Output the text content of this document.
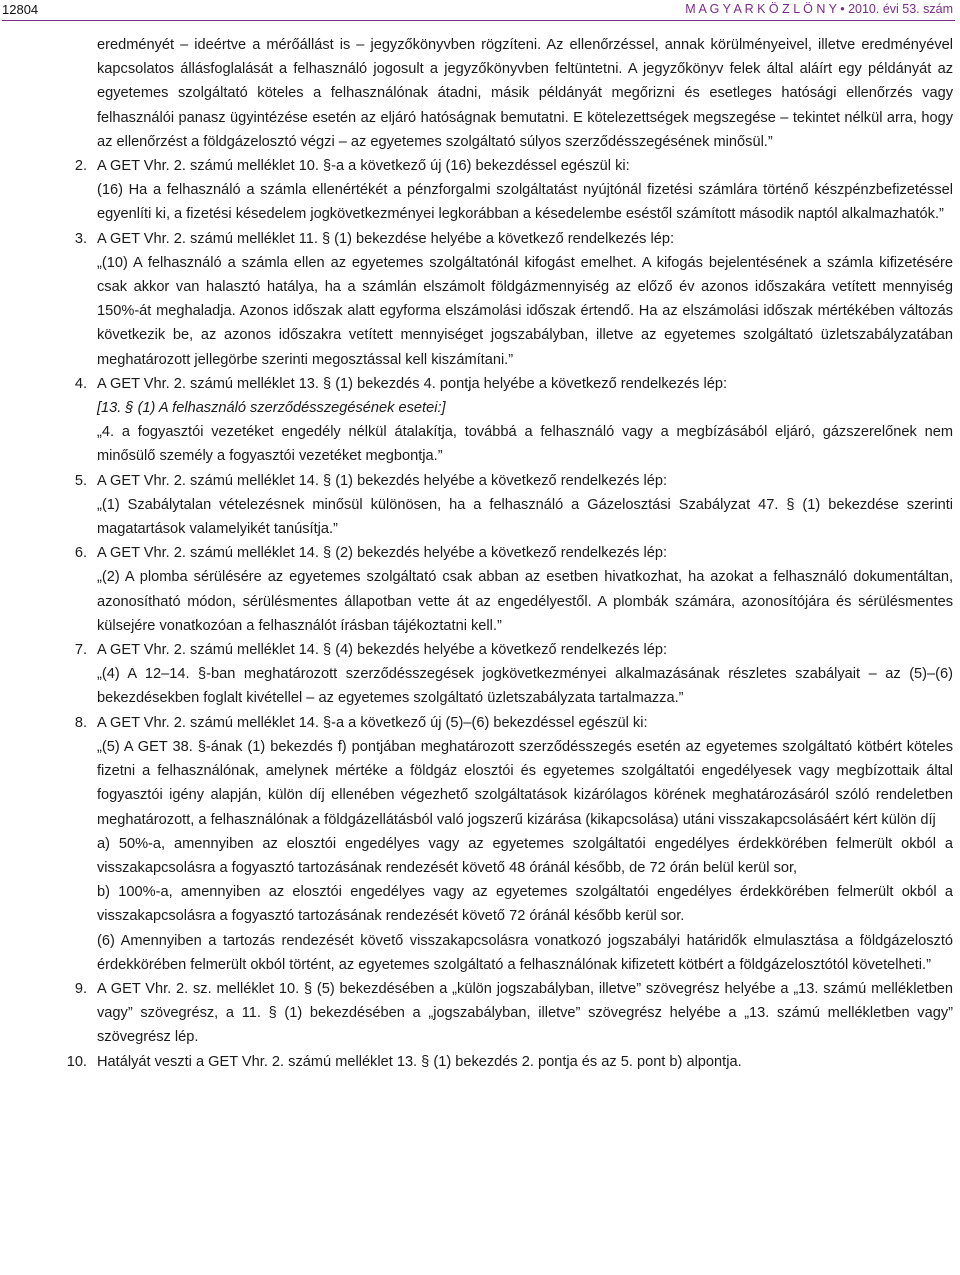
12804	M A G Y A R K Ö Z L Ö N Y • 2010. évi 53. szám
eredményét – ideértve a mérőállást is – jegyzőkönyvben rögzíteni. Az ellenőrzéssel, annak körülményeivel, illetve eredményével kapcsolatos állásfoglalását a felhasználó jogosult a jegyzőkönyvben feltüntetni. A jegyzőkönyv felek által aláírt egy példányát az egyetemes szolgáltató köteles a felhasználónak átadni, másik példányát megőrizni és esetleges hatósági ellenőrzés vagy felhasználói panasz ügyintézése esetén az eljáró hatóságnak bemutatni. E kötelezettségek megszegése – tekintet nélkül arra, hogy az ellenőrzést a földgázelosztó végzi – az egyetemes szolgáltató súlyos szerződésszegésének minősül.”
2. A GET Vhr. 2. számú melléklet 10. §-a a következő új (16) bekezdéssel egészül ki:
(16) Ha a felhasználó a számla ellenértékét a pénzforgalmi szolgáltatást nyújtónál fizetési számlára történő készpénzbefizetéssel egyenlíti ki, a fizetési késedelem jogkövetkezményei legkorábban a késedelembe eséstől számított második naptól alkalmazhatók.”
3. A GET Vhr. 2. számú melléklet 11. § (1) bekezdése helyébe a következő rendelkezés lép:
„(10) A felhasználó a számla ellen az egyetemes szolgáltatónál kifogást emelhet. A kifogás bejelentésének a számla kifizetésére csak akkor van halasztó hatálya, ha a számlán elszámolt földgázmennyiség az előző év azonos időszakára vetített mennyiség 150%-át meghaladja. Azonos időszak alatt egyforma elszámolási időszak értendő. Ha az elszámolási időszak mértékében változás következik be, az azonos időszakra vetített mennyiséget jogszabályban, illetve az egyetemes szolgáltató üzletszabályzatában meghatározott jellegörbe szerinti megosztással kell kiszámítani.”
4. A GET Vhr. 2. számú melléklet 13. § (1) bekezdés 4. pontja helyébe a következő rendelkezés lép:
[13. § (1) A felhasználó szerződésszegésének esetei:]
„4. a fogyasztói vezetéket engedély nélkül átalakítja, továbbá a felhasználó vagy a megbízásából eljáró, gázszerelőnek nem minősülő személy a fogyasztói vezetéket megbontja.”
5. A GET Vhr. 2. számú melléklet 14. § (1) bekezdés helyébe a következő rendelkezés lép:
„(1) Szabálytalan vételezésnek minősül különösen, ha a felhasználó a Gázelosztási Szabályzat 47. § (1) bekezdése szerinti magatartások valamelyikét tanúsítja.”
6. A GET Vhr. 2. számú melléklet 14. § (2) bekezdés helyébe a következő rendelkezés lép:
„(2) A plomba sérülésére az egyetemes szolgáltató csak abban az esetben hivatkozhat, ha azokat a felhasználó dokumentáltan, azonosítható módon, sérülésmentes állapotban vette át az engedélyestől. A plombák számára, azonosítójára és sérülésmentes külsejére vonatkozóan a felhasználót írásban tájékoztatni kell.”
7. A GET Vhr. 2. számú melléklet 14. § (4) bekezdés helyébe a következő rendelkezés lép:
„(4) A 12–14. §-ban meghatározott szerződésszegések jogkövetkezményei alkalmazásának részletes szabályait – az (5)–(6) bekezdésekben foglalt kivétellel – az egyetemes szolgáltató üzletszabályzata tartalmazza.”
8. A GET Vhr. 2. számú melléklet 14. §-a a következő új (5)–(6) bekezdéssel egészül ki:
„(5) A GET 38. §-ának (1) bekezdés f) pontjában meghatározott szerződésszegés esetén az egyetemes szolgáltató kötbért köteles fizetni a felhasználónak, amelynek mértéke a földgáz elosztói és egyetemes szolgáltatói engedélyesek vagy megbízottaik által fogyasztói igény alapján, külön díj ellenében végezhető szolgáltatások kizárólagos körének meghatározásáról szóló rendeletben meghatározott, a felhasználónak a földgázellátásból való jogszerű kizárása (kikapcsolása) utáni visszakapcsolásáért kért külön díj
a) 50%-a, amennyiben az elosztói engedélyes vagy az egyetemes szolgáltatói engedélyes érdekkörében felmerült okból a visszakapcsolásra a fogyasztó tartozásának rendezését követő 48 óránál később, de 72 órán belül kerül sor,
b) 100%-a, amennyiben az elosztói engedélyes vagy az egyetemes szolgáltatói engedélyes érdekkörében felmerült okból a visszakapcsolásra a fogyasztó tartozásának rendezését követő 72 óránál később kerül sor.
(6) Amennyiben a tartozás rendezését követő visszakapcsolásra vonatkozó jogszabályi határidők elmulasztása a földgázelosztó érdekkörében felmerült okból történt, az egyetemes szolgáltató a felhasználónak kifizetett kötbért a földgázelosztótól követelheti.”
9. A GET Vhr. 2. sz. melléklet 10. § (5) bekezdésében a „külön jogszabályban, illetve” szövegrész helyébe a „13. számú mellékletben vagy” szövegrész, a 11. § (1) bekezdésében a „jogszabályban, illetve” szövegrész helyébe a „13. számú mellékletben vagy” szövegrész lép.
10. Hatályát veszti a GET Vhr. 2. számú melléklet 13. § (1) bekezdés 2. pontja és az 5. pont b) alpontja.
